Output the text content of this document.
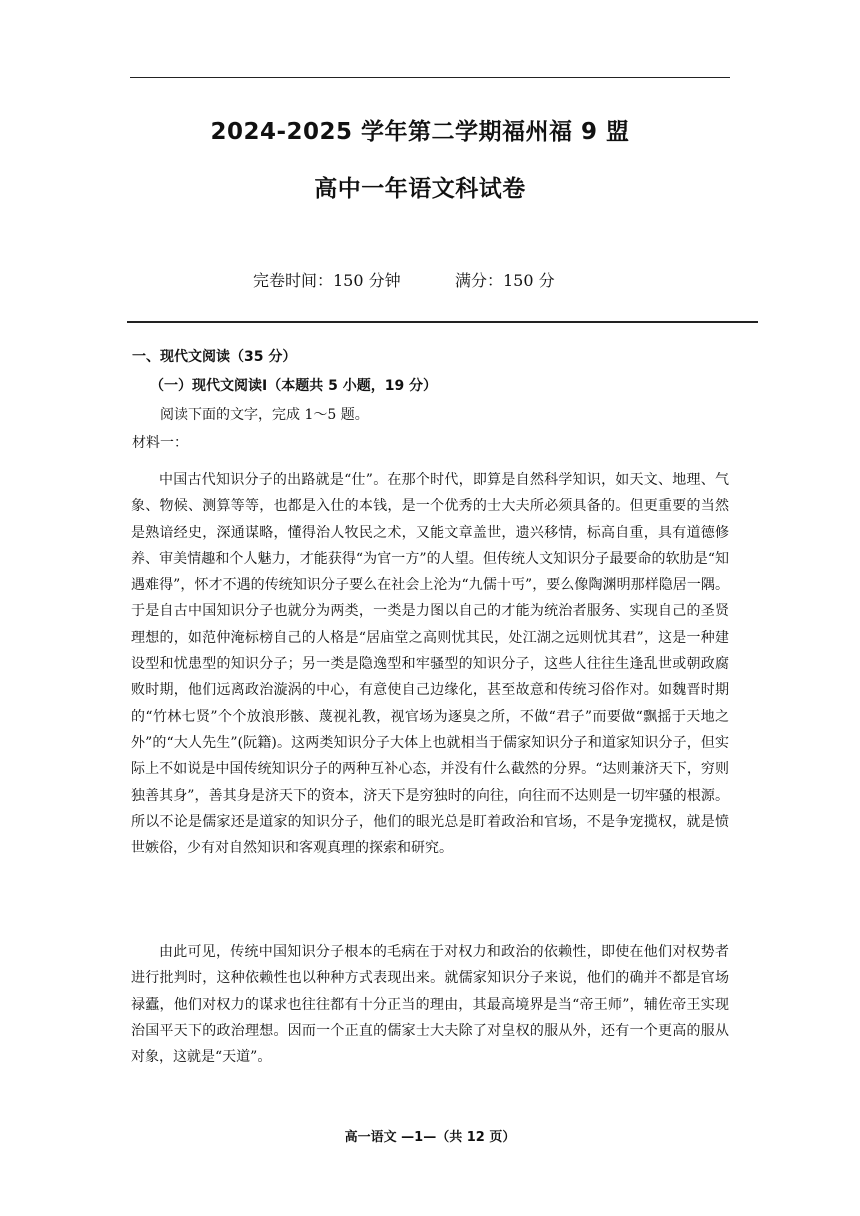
2024-2025 学年第二学期福州福 9 盟
高中一年语文科试卷
完卷时间：150 分钟	满分：150 分
一、现代文阅读（35 分）
（一）现代文阅读Ⅰ（本题共 5 小题，19 分）
阅读下面的文字，完成 1～5 题。
材料一：

中国古代知识分子的出路就是“仕”。在那个时代，即算是自然科学知识，如天文、地理、气象、物候、测算等等，也都是入仕的本钱，是一个优秀的士大夫所必须具备的。但更重要的当然是熟谙经史，深通谋略，懂得治人牧民之术，又能文章盖世，遗兴移情，标高自重，具有道德修养、审美情趣和个人魅力，才能获得“为官一方”的人望。但传统人文知识分子最要命的软肋是“知遇难得”，怀才不遇的传统知识分子要么在社会上沦为“九儒十丐”，要么像陶渊明那样隐居一隅。于是自古中国知识分子也就分为两类，一类是力图以自己的才能为统治者服务、实现自己的圣贤理想的，如范仲淹标榜自己的人格是“居庙堂之高则忧其民，处江湖之远则忧其君”，这是一种建设型和忧患型的知识分子；另一类是隐逸型和牢骚型的知识分子，这些人往往生逢乱世或朝政腐败时期，他们远离政治漩涡的中心，有意使自己边缘化，甚至故意和传统习俗作对。如魏晋时期的“竹林七贤”个个放浪形骸、蔑视礼教，视官场为逐臭之所，不做“君子”而要做“飘摇于天地之外”的“大人先生”(阮籍)。这两类知识分子大体上也就相当于儒家知识分子和道家知识分子，但实际上不如说是中国传统知识分子的两种互补心态，并没有什么截然的分界。“达则兼济天下，穷则独善其身”，善其身是济天下的资本，济天下是穷独时的向往，向往而不达则是一切牢骚的根源。所以不论是儒家还是道家的知识分子，他们的眼光总是盯着政治和官场，不是争宠揽权，就是愤世嫉俗，少有对自然知识和客观真理的探索和研究。

由此可见，传统中国知识分子根本的毛病在于对权力和政治的依赖性，即使在他们对权势者进行批判时，这种依赖性也以种种方式表现出来。就儒家知识分子来说，他们的确并不都是官场禄蠹，他们对权力的谋求也往往都有十分正当的理由，其最高境界是当“帝王师”，辅佐帝王实现治国平天下的政治理想。因而一个正直的儒家士大夫除了对皇权的服从外，还有一个更高的服从对象，这就是“天道”。

高一语文 —1—（共 12 页）
